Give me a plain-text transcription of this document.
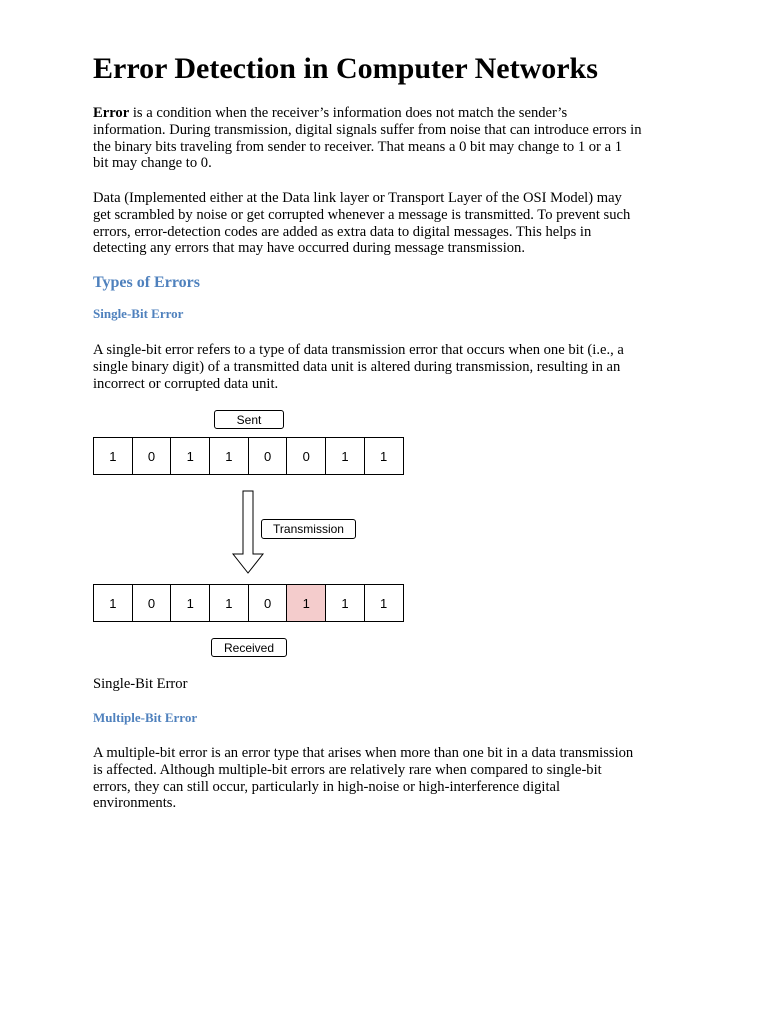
Error Detection in Computer Networks

Error is a condition when the receiver’s information does not match the sender’s
information. During transmission, digital signals suffer from noise that can introduce errors in
the binary bits traveling from sender to receiver. That means a 0 bit may change to 1 or a 1
bit may change to 0.

Data (Implemented either at the Data link layer or Transport Layer of the OSI Model) may
get scrambled by noise or get corrupted whenever a message is transmitted. To prevent such
errors, error-detection codes are added as extra data to digital messages. This helps in
detecting any errors that may have occurred during message transmission.

Types of Errors

Single-Bit Error

A single-bit error refers to a type of data transmission error that occurs when one bit (i.e., a
single binary digit) of a transmitted data unit is altered during transmission, resulting in an
incorrect or corrupted data unit.

Sent
1	0	1	1	0	0	1	1
Transmission
1	0	1	1	0	1	1	1
Received

Single-Bit Error

Multiple-Bit Error

A multiple-bit error is an error type that arises when more than one bit in a data transmission
is affected. Although multiple-bit errors are relatively rare when compared to single-bit
errors, they can still occur, particularly in high-noise or high-interference digital
environments.
